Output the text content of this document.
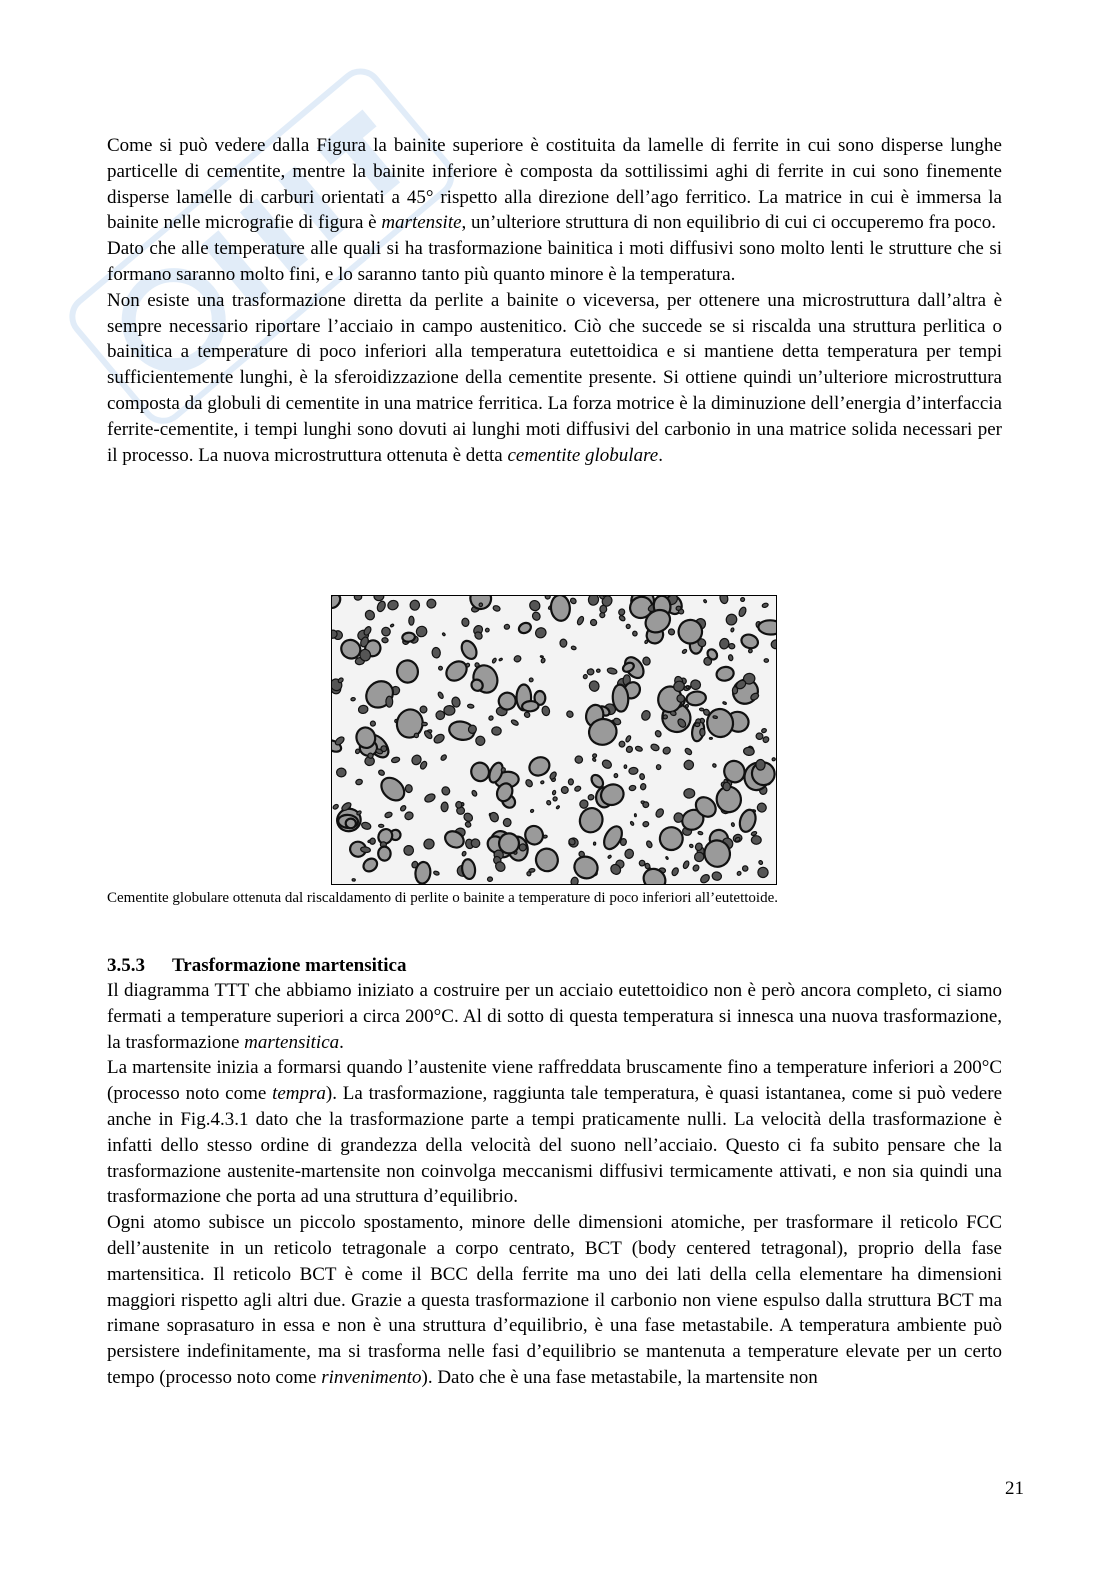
Come si può vedere dalla Figura la bainite superiore è costituita da lamelle di ferrite in cui sono disperse lunghe particelle di cementite, mentre la bainite inferiore è composta da sottilissimi aghi di ferrite in cui sono finemente disperse lamelle di carburi orientati a 45° rispetto alla direzione dell’ago ferritico. La matrice in cui è immersa la bainite nelle micrografie di figura è martensite, un’ulteriore struttura di non equilibrio di cui ci occuperemo fra poco.

Dato che alle temperature alle quali si ha trasformazione bainitica i moti diffusivi sono molto lenti le strutture che si formano saranno molto fini, e lo saranno tanto più quanto minore è la temperatura.

Non esiste una trasformazione diretta da perlite a bainite o viceversa, per ottenere una microstruttura dall’altra è sempre necessario riportare l’acciaio in campo austenitico. Ciò che succede se si riscalda una struttura perlitica o bainitica a temperature di poco inferiori alla temperatura eutettoidica e si mantiene detta temperatura per tempi sufficientemente lunghi, è la sferoidizzazione della cementite presente. Si ottiene quindi un’ulteriore microstruttura composta da globuli di cementite in una matrice ferritica. La forza motrice è la diminuzione dell’energia d’interfaccia ferrite-cementite, i tempi lunghi sono dovuti ai lunghi moti diffusivi del carbonio in una matrice solida necessari per il processo. La nuova microstruttura ottenuta è detta cementite globulare.

Cementite globulare ottenuta dal riscaldamento di perlite o bainite a temperature di poco inferiori all’eutettoide.
3.5.3 Trasformazione martensitica

Il diagramma TTT che abbiamo iniziato a costruire per un acciaio eutettoidico non è però ancora completo, ci siamo fermati a temperature superiori a circa 200°C. Al di sotto di questa temperatura si innesca una nuova trasformazione, la trasformazione martensitica.

La martensite inizia a formarsi quando l’austenite viene raffreddata bruscamente fino a temperature inferiori a 200°C (processo noto come tempra). La trasformazione, raggiunta tale temperatura, è quasi istantanea, come si può vedere anche in Fig.4.3.1 dato che la trasformazione parte a tempi praticamente nulli. La velocità della trasformazione è infatti dello stesso ordine di grandezza della velocità del suono nell’acciaio. Questo ci fa subito pensare che la trasformazione austenite-martensite non coinvolga meccanismi diffusivi termicamente attivati, e non sia quindi una trasformazione che porta ad una struttura d’equilibrio.

Ogni atomo subisce un piccolo spostamento, minore delle dimensioni atomiche, per trasformare il reticolo FCC dell’austenite in un reticolo tetragonale a corpo centrato, BCT (body centered tetragonal), proprio della fase martensitica. Il reticolo BCT è come il BCC della ferrite ma uno dei lati della cella elementare ha dimensioni maggiori rispetto agli altri due. Grazie a questa trasformazione il carbonio non viene espulso dalla struttura BCT ma rimane soprasaturo in essa e non è una struttura d’equilibrio, è una fase metastabile. A temperatura ambiente può persistere indefinitamente, ma si trasforma nelle fasi d’equilibrio se mantenuta a temperature elevate per un certo tempo (processo noto come rinvenimento). Dato che è una fase metastabile, la martensite non

21
